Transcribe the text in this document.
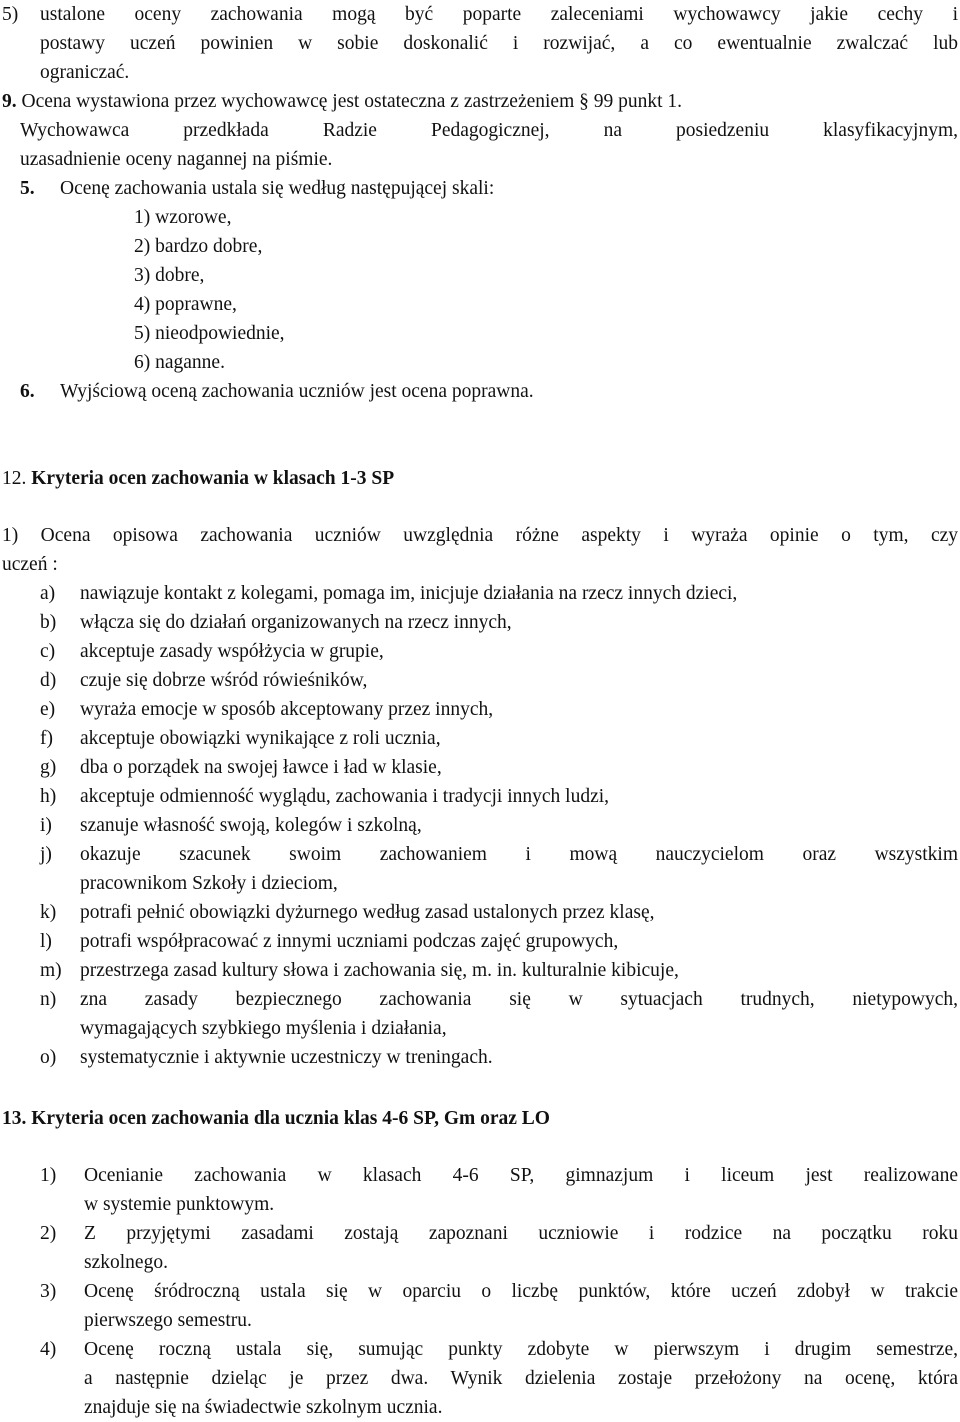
5) ustalone oceny zachowania mogą być poparte zaleceniami wychowawcy jakie cechy i
postawy uczeń powinien w sobie doskonalić i rozwijać, a co ewentualnie zwalczać lub
ograniczać.
9. Ocena wystawiona przez wychowawcę jest ostateczna z zastrzeżeniem § 99 punkt 1.
Wychowawca przedkłada Radzie Pedagogicznej, na posiedzeniu klasyfikacyjnym,
uzasadnienie oceny nagannej na piśmie.
5. Ocenę zachowania ustala się według następującej skali:
1) wzorowe,
2) bardzo dobre,
3) dobre,
4) poprawne,
5) nieodpowiednie,
6) naganne.
6. Wyjściową oceną zachowania uczniów jest ocena poprawna.
12. Kryteria ocen zachowania w klasach 1-3 SP
1) Ocena opisowa zachowania uczniów uwzględnia różne aspekty i wyraża opinie o tym, czy
uczeń :
a) nawiązuje kontakt z kolegami, pomaga im, inicjuje działania na rzecz innych dzieci,
b) włącza się do działań organizowanych na rzecz innych,
c) akceptuje zasady współżycia w grupie,
d) czuje się dobrze wśród rówieśników,
e) wyraża emocje w sposób akceptowany przez innych,
f) akceptuje obowiązki wynikające z roli ucznia,
g) dba o porządek na swojej ławce i ład w klasie,
h) akceptuje odmienność wyglądu, zachowania i tradycji innych ludzi,
i) szanuje własność swoją, kolegów i szkolną,
j) okazuje szacunek swoim zachowaniem i mową nauczycielom oraz wszystkim
pracownikom Szkoły i dzieciom,
k) potrafi pełnić obowiązki dyżurnego według zasad ustalonych przez klasę,
l) potrafi współpracować z innymi uczniami podczas zajęć grupowych,
m) przestrzega zasad kultury słowa i zachowania się, m. in. kulturalnie kibicuje,
n) zna zasady bezpiecznego zachowania się w sytuacjach trudnych, nietypowych,
wymagających szybkiego myślenia i działania,
o) systematycznie i aktywnie uczestniczy w treningach.
13. Kryteria ocen zachowania dla ucznia klas 4-6 SP, Gm oraz LO
1) Ocenianie zachowania w klasach 4-6 SP, gimnazjum i liceum jest realizowane
w systemie punktowym.
2) Z przyjętymi zasadami zostają zapoznani uczniowie i rodzice na początku roku
szkolnego.
3) Ocenę śródroczną ustala się w oparciu o liczbę punktów, które uczeń zdobył w trakcie
pierwszego semestru.
4) Ocenę roczną ustala się, sumując punkty zdobyte w pierwszym i drugim semestrze,
a następnie dzieląc je przez dwa. Wynik dzielenia zostaje przełożony na ocenę, która
znajduje się na świadectwie szkolnym ucznia.
